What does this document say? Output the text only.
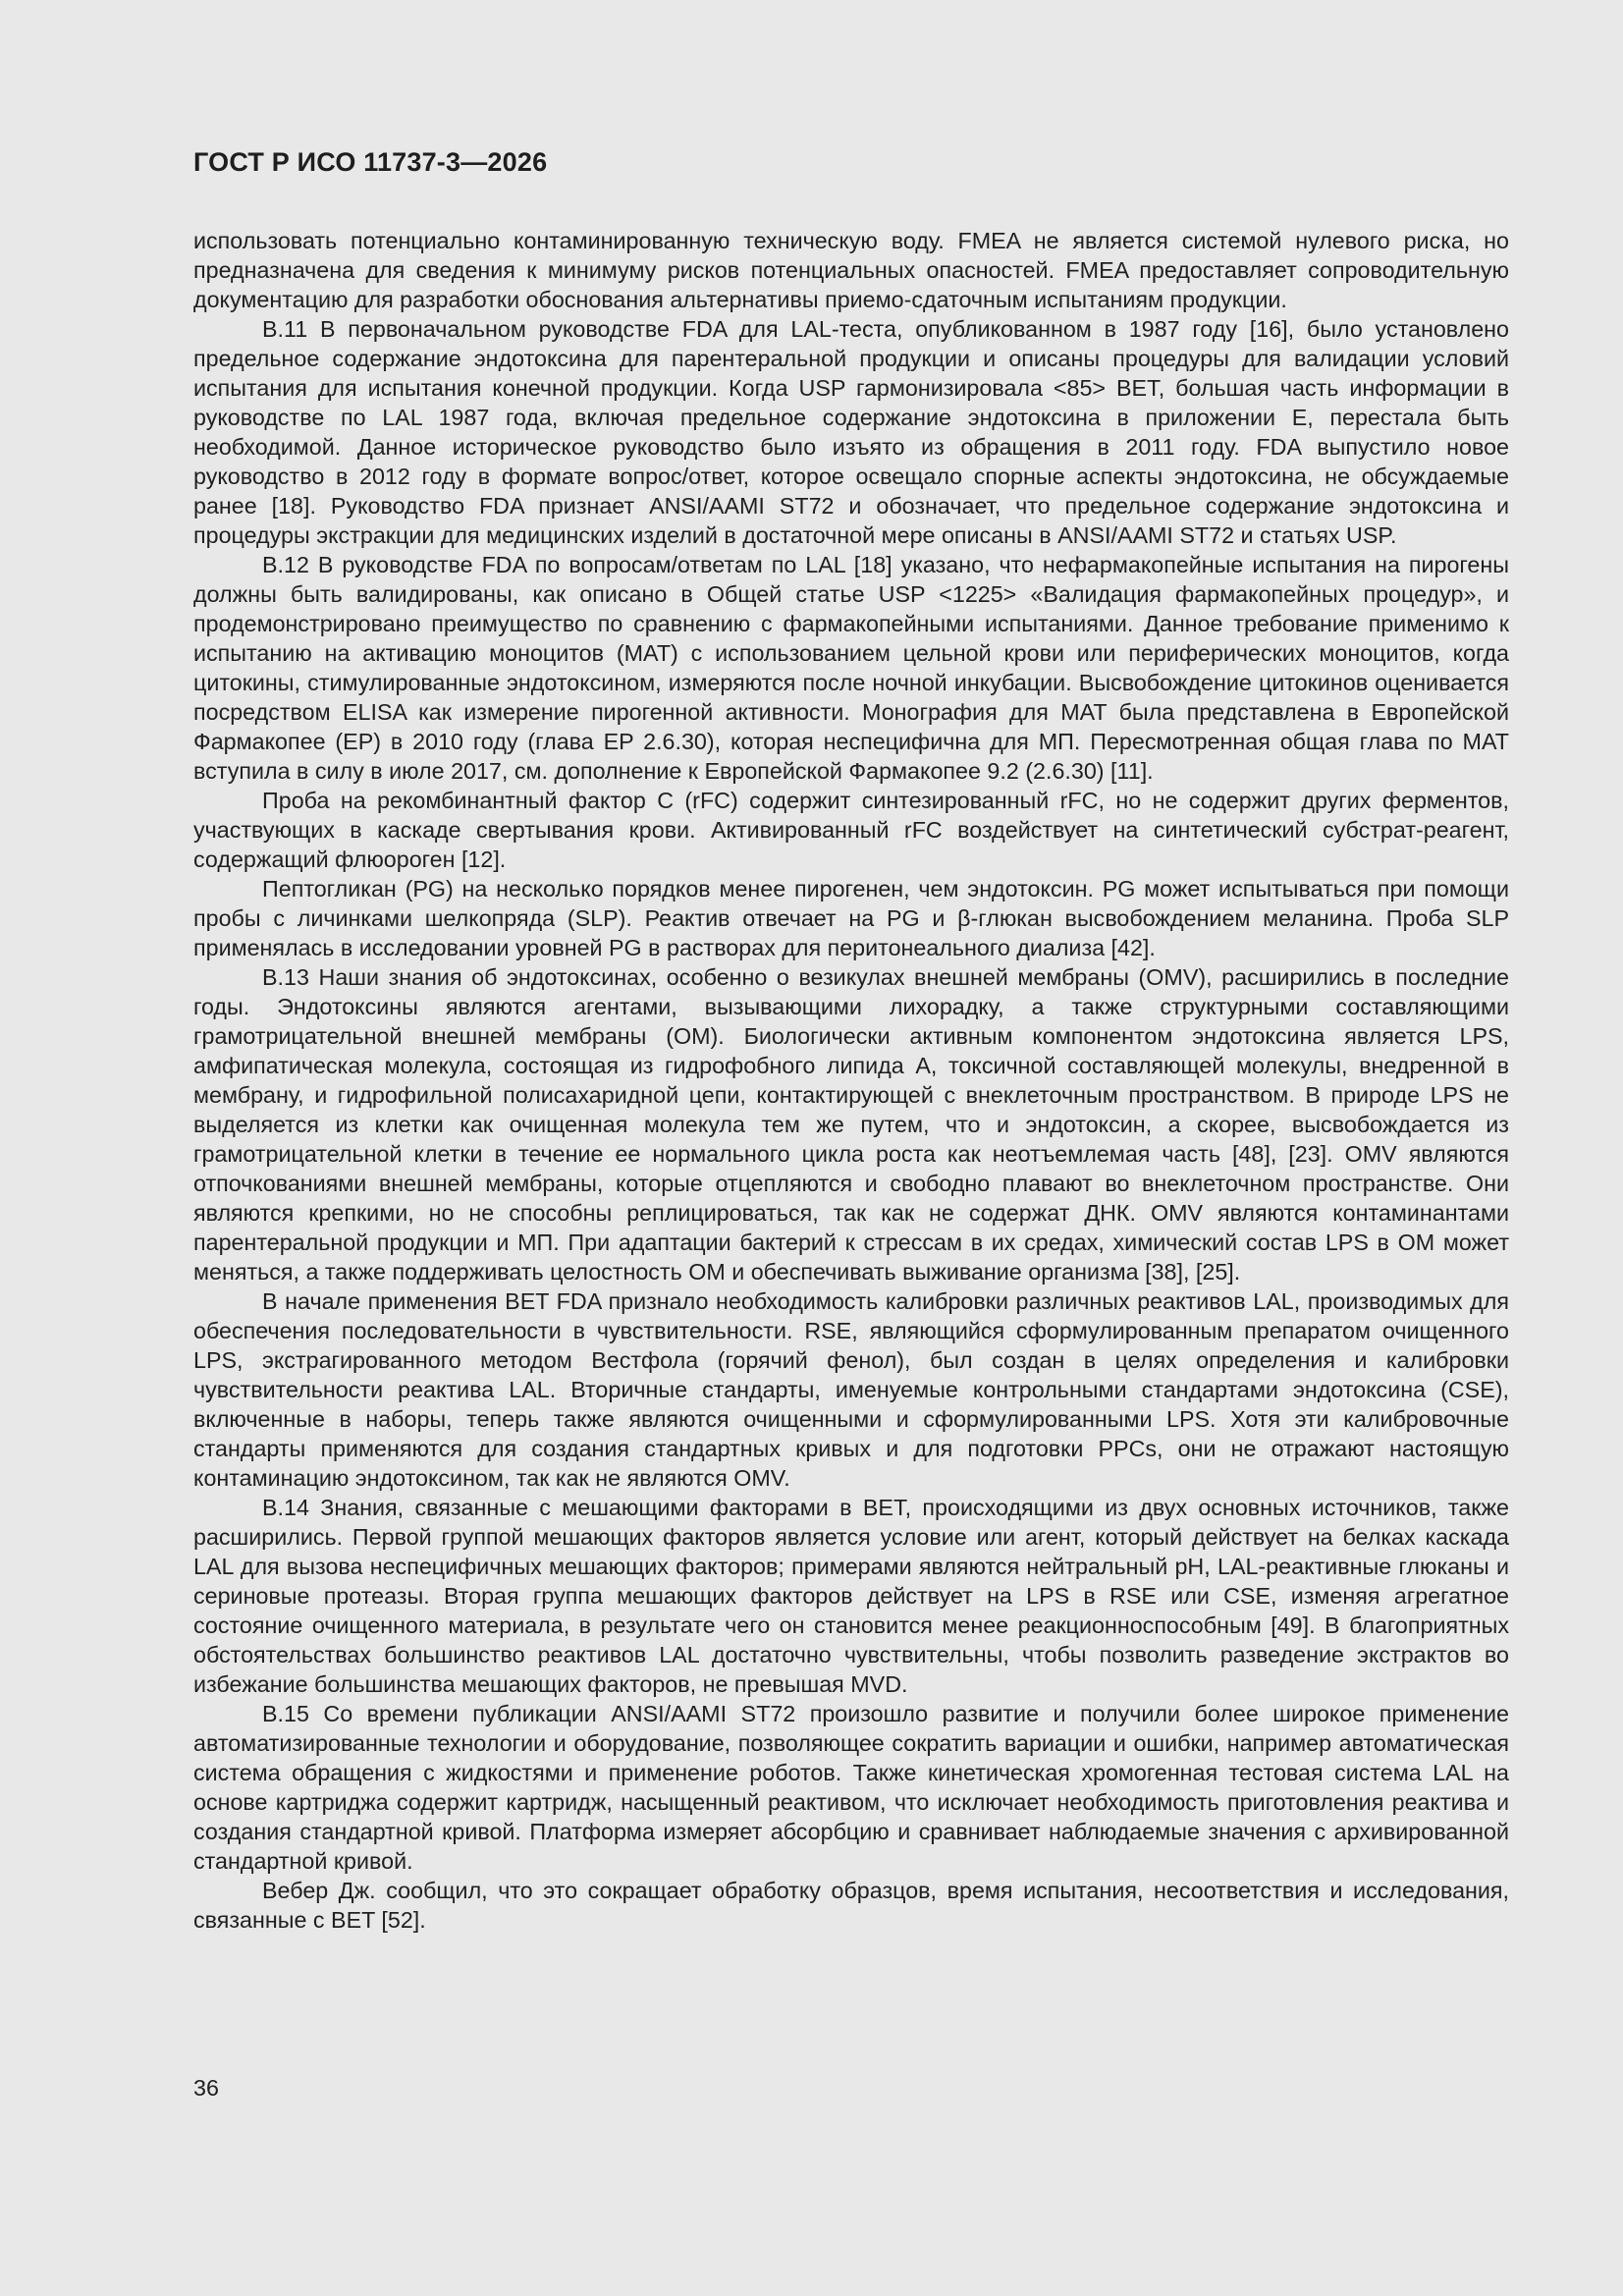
ГОСТ Р ИСО 11737-3—2026

использовать потенциально контаминированную техническую воду. FMEA не является системой нулевого риска, но предназначена для сведения к минимуму рисков потенциальных опасностей. FMEA предоставляет сопроводительную документацию для разработки обоснования альтернативы приемо-сдаточным испытаниям продукции.

В.11 В первоначальном руководстве FDA для LAL-теста, опубликованном в 1987 году [16], было установлено предельное содержание эндотоксина для парентеральной продукции и описаны процедуры для валидации условий испытания для испытания конечной продукции. Когда USP гармонизировала <85> BET, большая часть информации в руководстве по LAL 1987 года, включая предельное содержание эндотоксина в приложении E, перестала быть необходимой. Данное историческое руководство было изъято из обращения в 2011 году. FDA выпустило новое руководство в 2012 году в формате вопрос/ответ, которое освещало спорные аспекты эндотоксина, не обсуждаемые ранее [18]. Руководство FDA признает ANSI/AAMI ST72 и обозначает, что предельное содержание эндотоксина и процедуры экстракции для медицинских изделий в достаточной мере описаны в ANSI/AAMI ST72 и статьях USP.

В.12 В руководстве FDA по вопросам/ответам по LAL [18] указано, что нефармакопейные испытания на пирогены должны быть валидированы, как описано в Общей статье USP <1225> «Валидация фармакопейных процедур», и продемонстрировано преимущество по сравнению с фармакопейными испытаниями. Данное требование применимо к испытанию на активацию моноцитов (MAT) с использованием цельной крови или периферических моноцитов, когда цитокины, стимулированные эндотоксином, измеряются после ночной инкубации. Высвобождение цитокинов оценивается посредством ELISA как измерение пирогенной активности. Монография для MAT была представлена в Европейской Фармакопее (EP) в 2010 году (глава EP 2.6.30), которая неспецифична для МП. Пересмотренная общая глава по MAT вступила в силу в июле 2017, см. дополнение к Европейской Фармакопее 9.2 (2.6.30) [11].

Проба на рекомбинантный фактор C (rFC) содержит синтезированный rFC, но не содержит других ферментов, участвующих в каскаде свертывания крови. Активированный rFC воздействует на синтетический субстрат-реагент, содержащий флюороген [12].

Пептогликан (PG) на несколько порядков менее пирогенен, чем эндотоксин. PG может испытываться при помощи пробы с личинками шелкопряда (SLP). Реактив отвечает на PG и β-глюкан высвобождением меланина. Проба SLP применялась в исследовании уровней PG в растворах для перитонеального диализа [42].

В.13 Наши знания об эндотоксинах, особенно о везикулах внешней мембраны (OMV), расширились в последние годы. Эндотоксины являются агентами, вызывающими лихорадку, а также структурными составляющими грамотрицательной внешней мембраны (OM). Биологически активным компонентом эндотоксина является LPS, амфипатическая молекула, состоящая из гидрофобного липида A, токсичной составляющей молекулы, внедренной в мембрану, и гидрофильной полисахаридной цепи, контактирующей с внеклеточным пространством. В природе LPS не выделяется из клетки как очищенная молекула тем же путем, что и эндотоксин, а скорее, высвобождается из грамотрицательной клетки в течение ее нормального цикла роста как неотъемлемая часть [48], [23]. OMV являются отпочкованиями внешней мембраны, которые отцепляются и свободно плавают во внеклеточном пространстве. Они являются крепкими, но не способны реплицироваться, так как не содержат ДНК. OMV являются контаминантами парентеральной продукции и МП. При адаптации бактерий к стрессам в их средах, химический состав LPS в OM может меняться, а также поддерживать целостность OM и обеспечивать выживание организма [38], [25].

В начале применения BET FDA признало необходимость калибровки различных реактивов LAL, производимых для обеспечения последовательности в чувствительности. RSE, являющийся сформулированным препаратом очищенного LPS, экстрагированного методом Вестфола (горячий фенол), был создан в целях определения и калибровки чувствительности реактива LAL. Вторичные стандарты, именуемые контрольными стандартами эндотоксина (CSE), включенные в наборы, теперь также являются очищенными и сформулированными LPS. Хотя эти калибровочные стандарты применяются для создания стандартных кривых и для подготовки PPCs, они не отражают настоящую контаминацию эндотоксином, так как не являются OMV.

В.14 Знания, связанные с мешающими факторами в BET, происходящими из двух основных источников, также расширились. Первой группой мешающих факторов является условие или агент, который действует на белках каскада LAL для вызова неспецифичных мешающих факторов; примерами являются нейтральный pH, LAL-реактивные глюканы и сериновые протеазы. Вторая группа мешающих факторов действует на LPS в RSE или CSE, изменяя агрегатное состояние очищенного материала, в результате чего он становится менее реакционноспособным [49]. В благоприятных обстоятельствах большинство реактивов LAL достаточно чувствительны, чтобы позволить разведение экстрактов во избежание большинства мешающих факторов, не превышая MVD.

В.15 Со времени публикации ANSI/AAMI ST72 произошло развитие и получили более широкое применение автоматизированные технологии и оборудование, позволяющее сократить вариации и ошибки, например автоматическая система обращения с жидкостями и применение роботов. Также кинетическая хромогенная тестовая система LAL на основе картриджа содержит картридж, насыщенный реактивом, что исключает необходимость приготовления реактива и создания стандартной кривой. Платформа измеряет абсорбцию и сравнивает наблюдаемые значения с архивированной стандартной кривой.

Вебер Дж. сообщил, что это сокращает обработку образцов, время испытания, несоответствия и исследования, связанные с BET [52].

36
